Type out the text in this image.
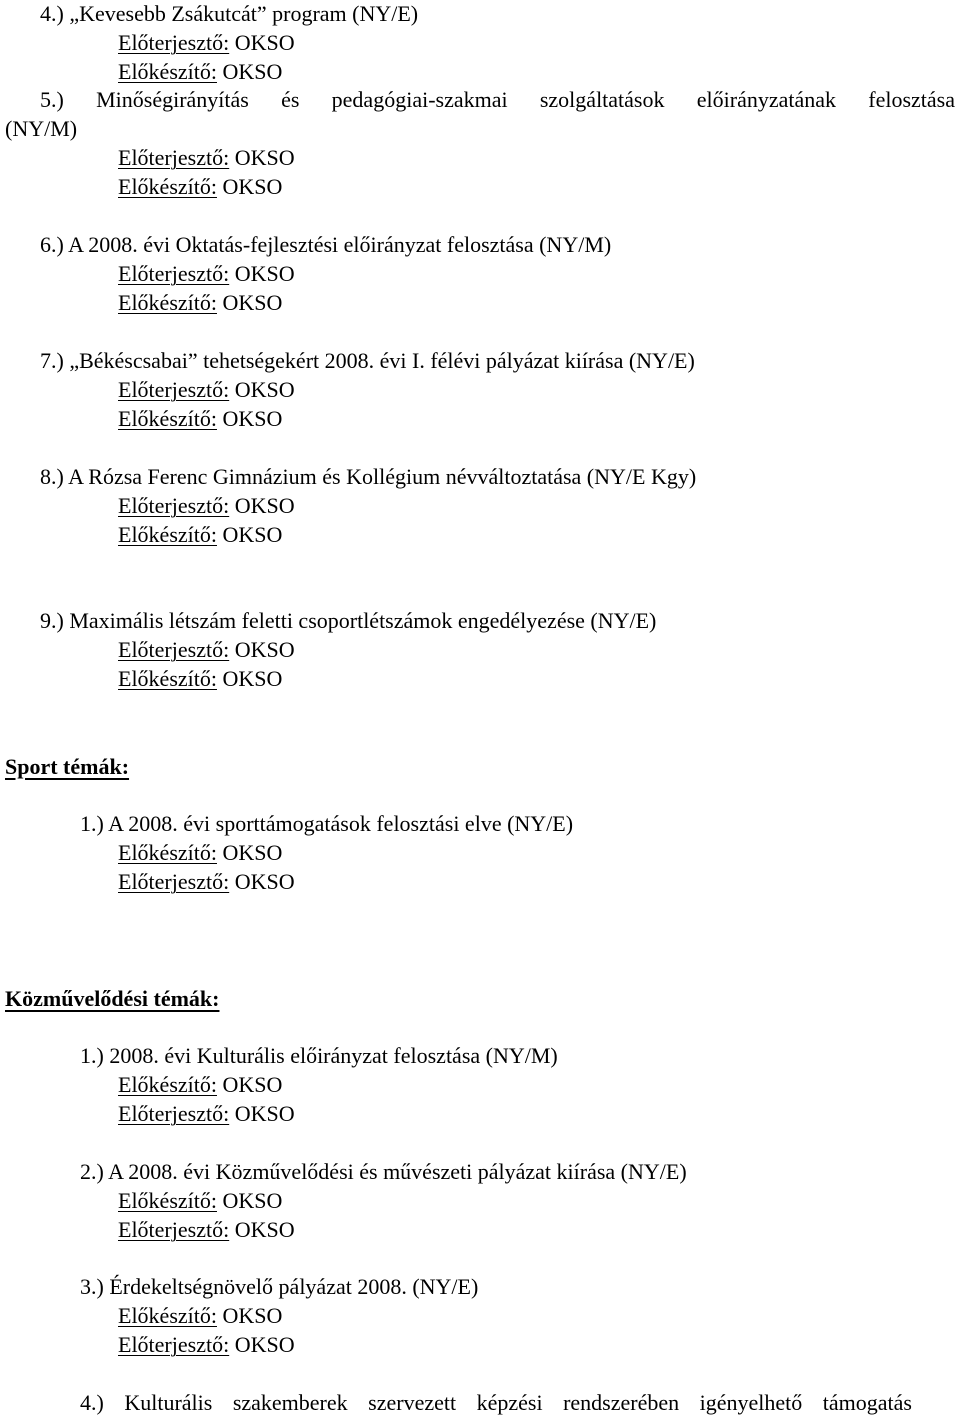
4.) „Kevesebb Zsákutcát” program (NY/E)
Előterjesztő: OKSO
Előkészítő: OKSO
5.) Minőségirányítás és pedagógiai-szakmai szolgáltatások előirányzatának felosztása
(NY/M)
Előterjesztő: OKSO
Előkészítő: OKSO
6.) A 2008. évi Oktatás-fejlesztési előirányzat felosztása (NY/M)
Előterjesztő: OKSO
Előkészítő: OKSO
7.) „Békéscsabai” tehetségekért 2008. évi I. félévi pályázat kiírása (NY/E)
Előterjesztő: OKSO
Előkészítő: OKSO
8.) A Rózsa Ferenc Gimnázium és Kollégium névváltoztatása (NY/E Kgy)
Előterjesztő: OKSO
Előkészítő: OKSO
9.) Maximális létszám feletti csoportlétszámok engedélyezése (NY/E)
Előterjesztő: OKSO
Előkészítő: OKSO
Sport témák:
1.) A 2008. évi sporttámogatások felosztási elve (NY/E)
Előkészítő: OKSO
Előterjesztő: OKSO
Közművelődési témák:
1.) 2008. évi Kulturális előirányzat felosztása (NY/M)
Előkészítő: OKSO
Előterjesztő: OKSO
2.) A 2008. évi Közművelődési és művészeti pályázat kiírása (NY/E)
Előkészítő: OKSO
Előterjesztő: OKSO
3.) Érdekeltségnövelő pályázat 2008. (NY/E)
Előkészítő: OKSO
Előterjesztő: OKSO
4.) Kulturális szakemberek szervezett képzési rendszerében igényelhető támogatás
